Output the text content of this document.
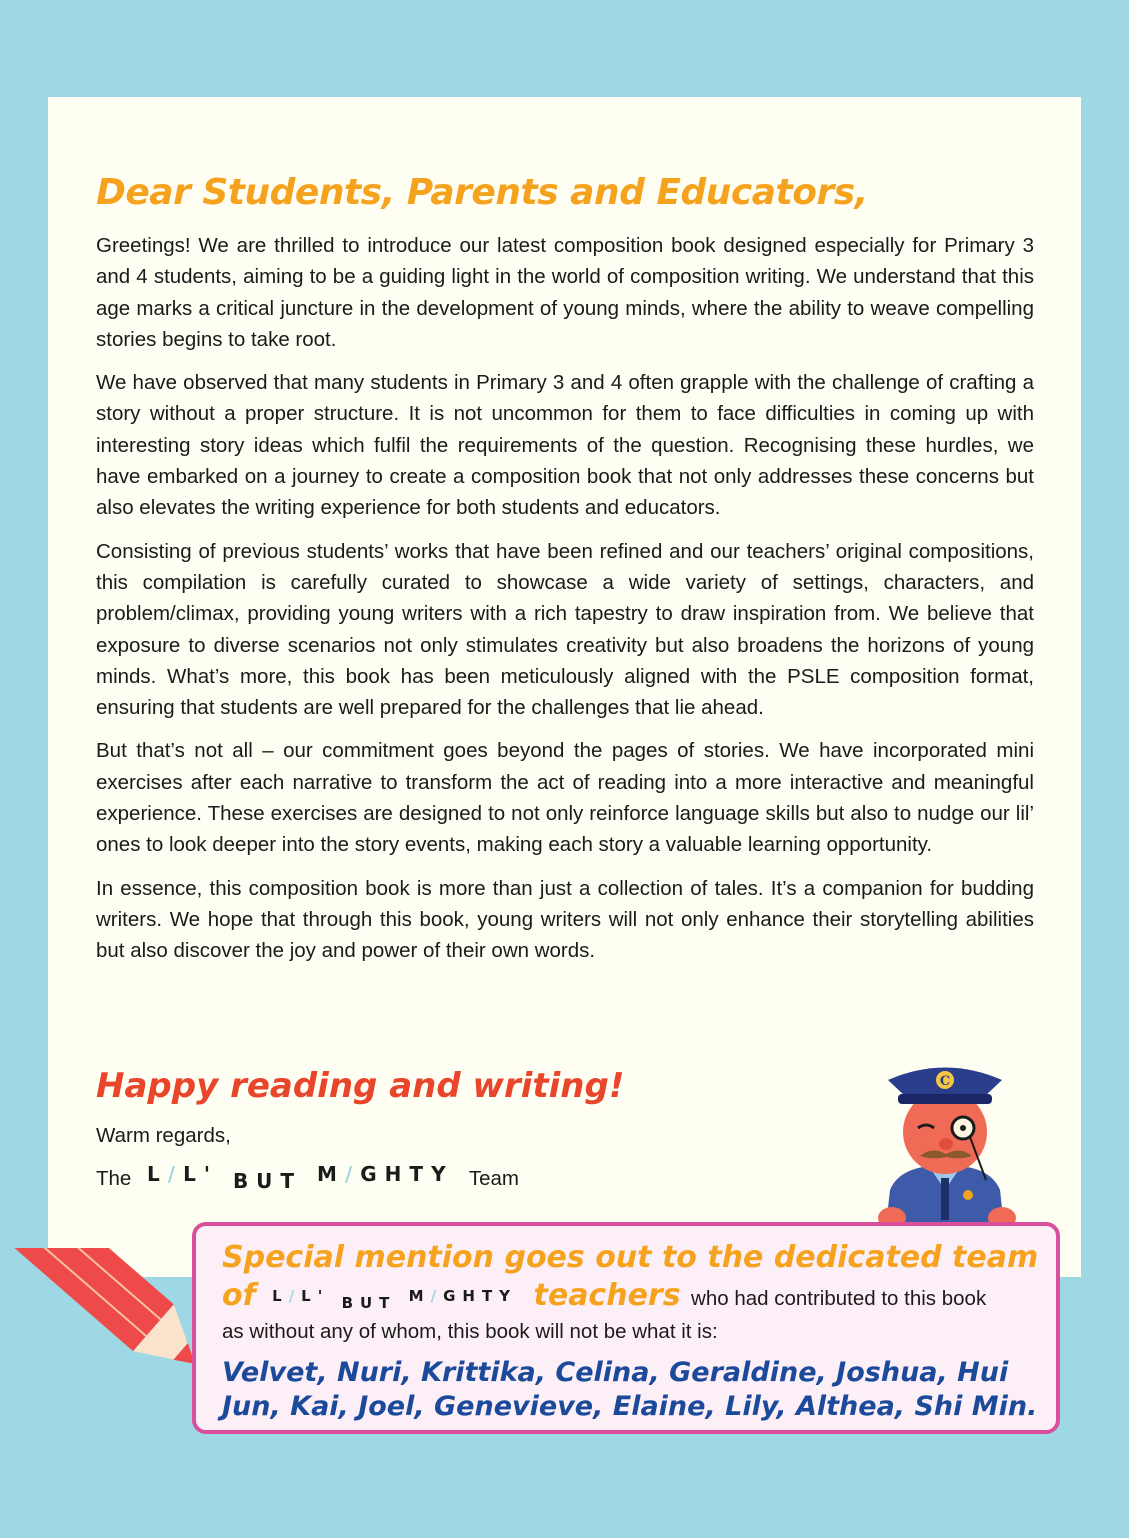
Dear Students, Parents and Educators,

Greetings! We are thrilled to introduce our latest composition book designed especially for Primary 3 and 4 students, aiming to be a guiding light in the world of composition writing. We understand that this age marks a critical juncture in the development of young minds, where the ability to weave compelling stories begins to take root.

We have observed that many students in Primary 3 and 4 often grapple with the challenge of crafting a story without a proper structure. It is not uncommon for them to face difficulties in coming up with interesting story ideas which fulfil the requirements of the question. Recognising these hurdles, we have embarked on a journey to create a composition book that not only addresses these concerns but also elevates the writing experience for both students and educators.

Consisting of previous students’ works that have been refined and our teachers’ original compositions, this compilation is carefully curated to showcase a wide variety of settings, characters, and problem/climax, providing young writers with a rich tapestry to draw inspiration from. We believe that exposure to diverse scenarios not only stimulates creativity but also broadens the horizons of young minds. What’s more, this book has been meticulously aligned with the PSLE composition format, ensuring that students are well prepared for the challenges that lie ahead.

But that’s not all – our commitment goes beyond the pages of stories. We have incorporated mini exercises after each narrative to transform the act of reading into a more interactive and meaningful experience. These exercises are designed to not only reinforce language skills but also to nudge our lil’ ones to look deeper into the story events, making each story a valuable learning opportunity.

In essence, this composition book is more than just a collection of tales. It’s a companion for budding writers. We hope that through this book, young writers will not only enhance their storytelling abilities but also discover the joy and power of their own words.

Happy reading and writing!
Warm regards,
The L/L' BUT M/GHTY Team
C
Special mention goes out to the dedicated team
of L/L' BUT M/GHTY teachers who had contributed to this book
as without any of whom, this book will not be what it is:

Velvet, Nuri, Krittika, Celina, Geraldine, Joshua, Hui Jun, Kai, Joel, Genevieve, Elaine, Lily, Althea, Shi Min.
